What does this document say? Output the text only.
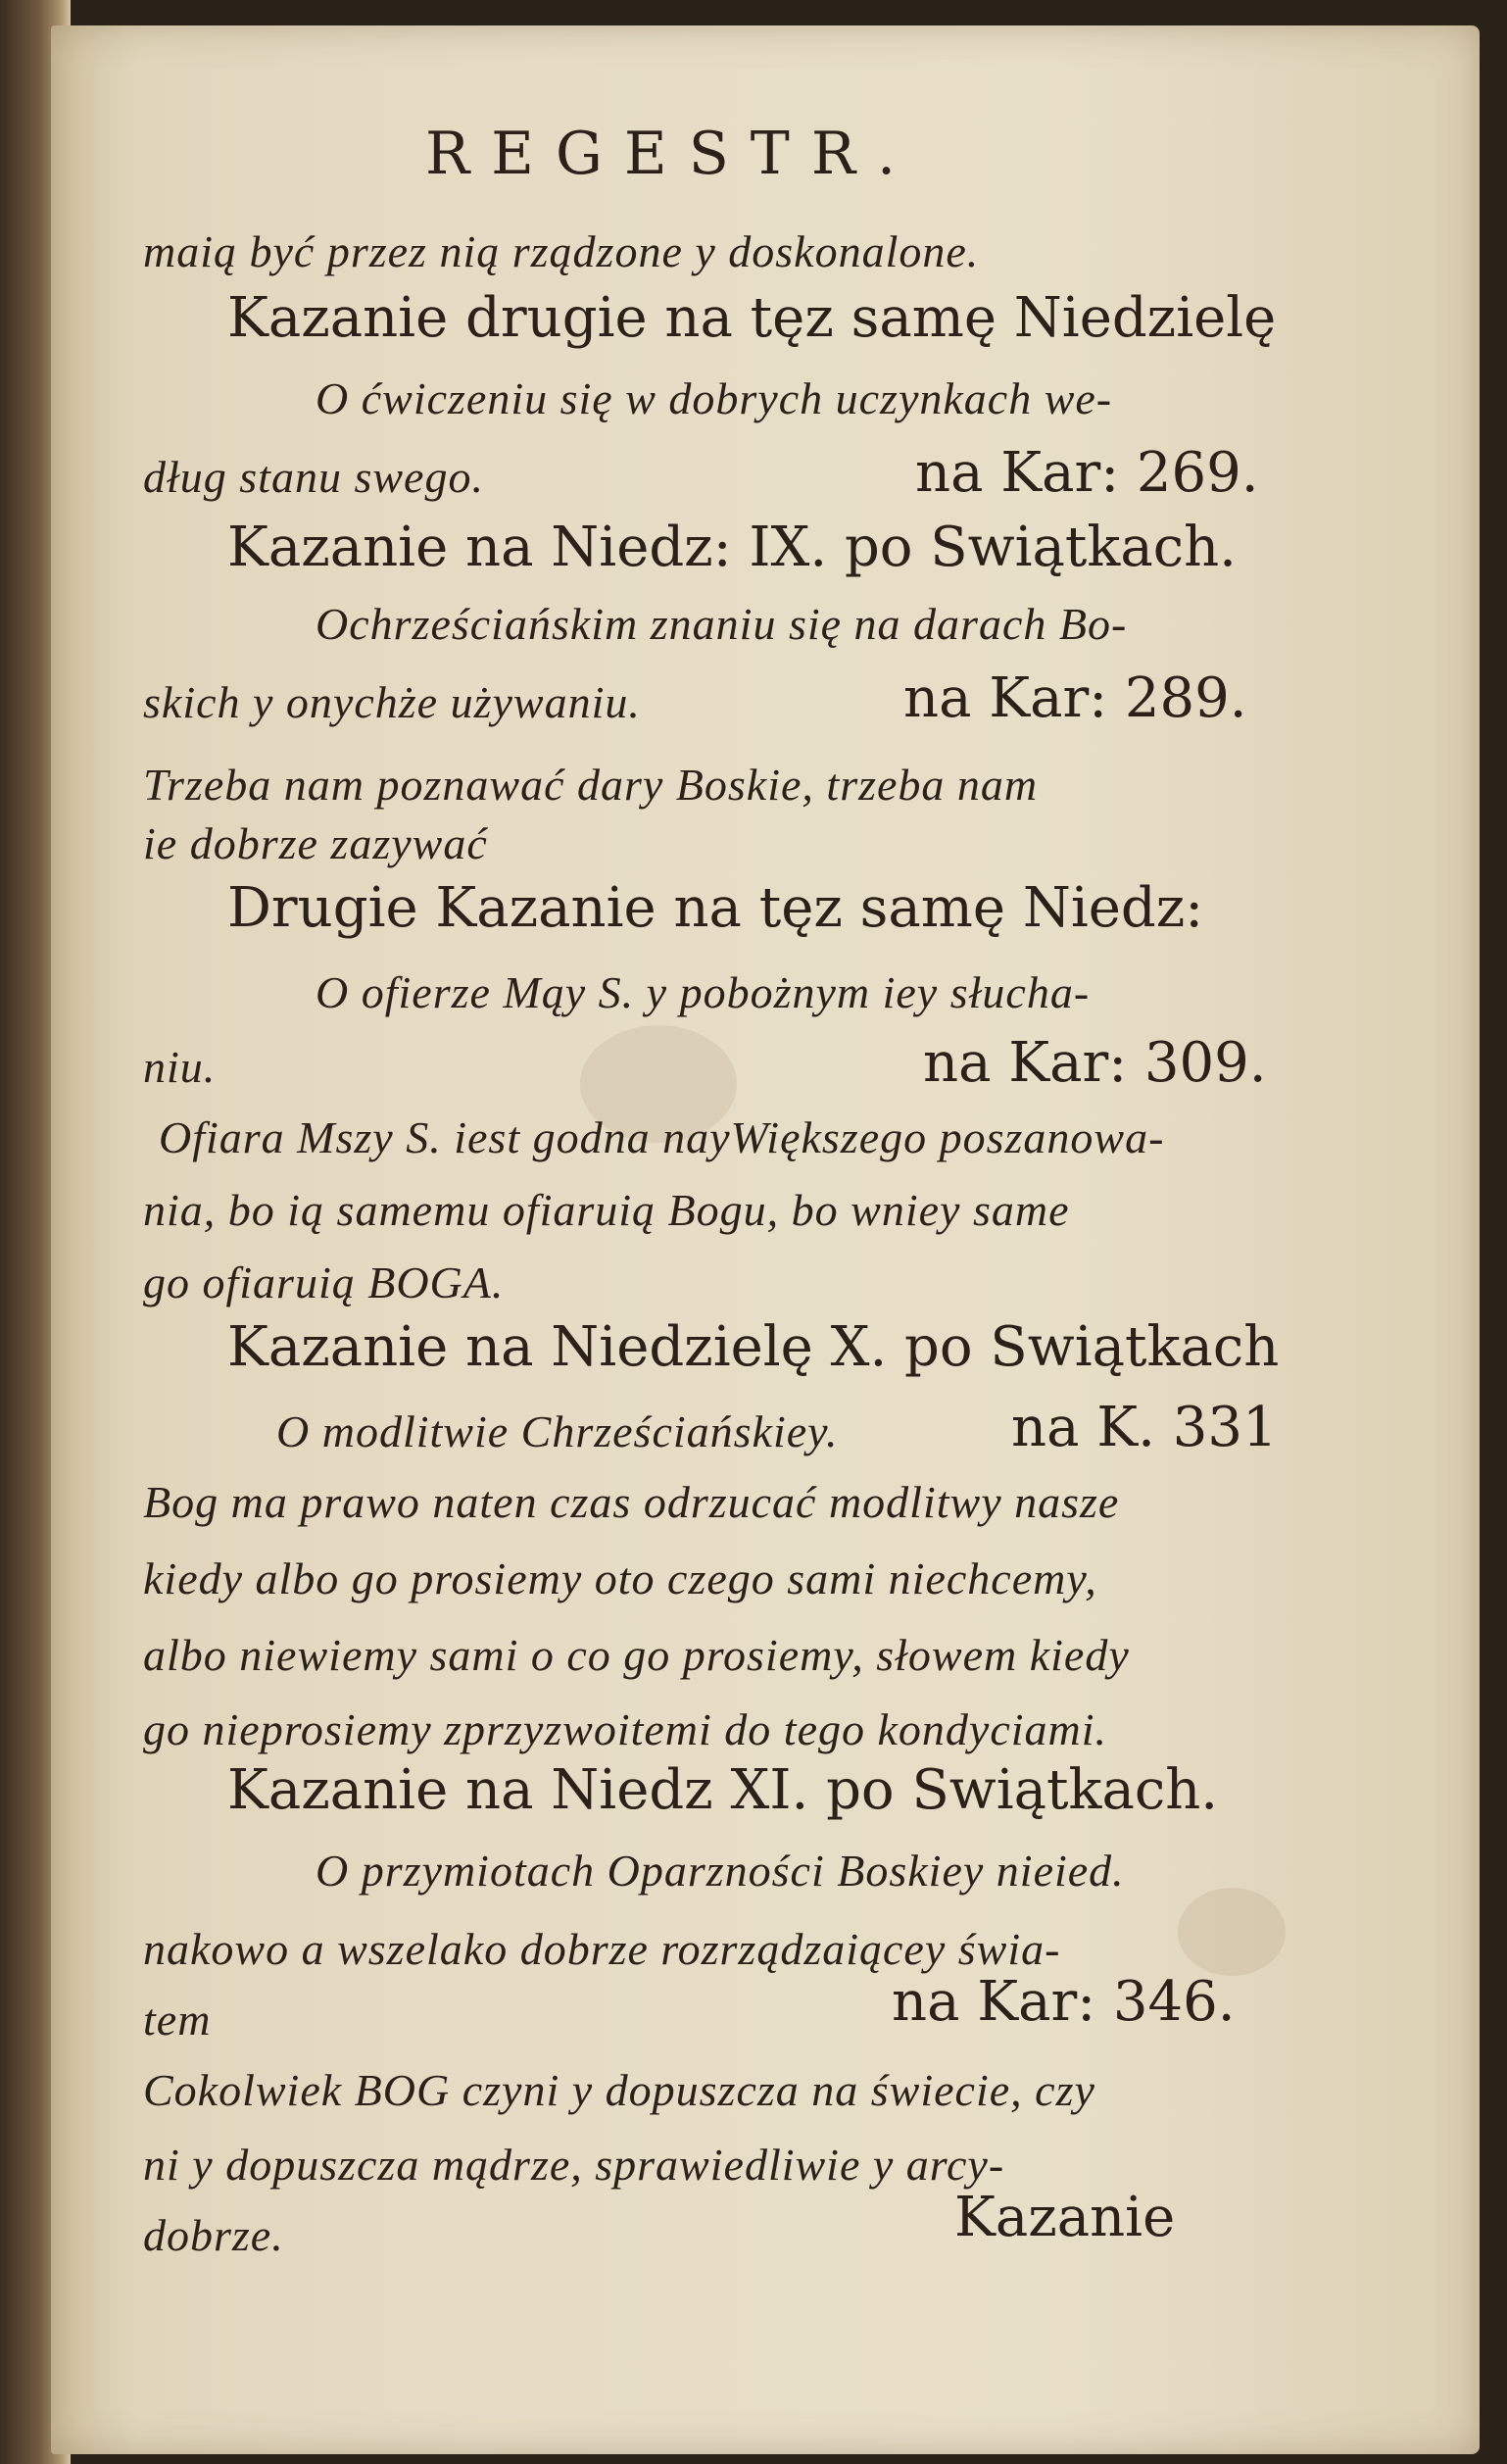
REGESTR.
maią być przez nią rządzone y doskonalone.
Kazanie drugie na tęz samę Niedzielę
O ćwiczeniu się w dobrych uczynkach we-
dług stanu swego.	na Kar: 269.
Kazanie na Niedz: IX. po Swiątkach.
Ochrześciańskim znaniu się na darach Bo-
skich y onychże używaniu.	na Kar: 289.
Trzeba nam poznawać dary Boskie, trzeba nam
ie dobrze zazywać
Drugie Kazanie na tęz samę Niedz:
O ofierze Mąy S. y pobożnym iey słucha-
niu.	na Kar: 309.
Ofiara Mszy S. iest godna nayWiększego poszanowa-
nia, bo ią samemu ofiaruią Bogu, bo wniey same
go ofiaruią BOGA.
Kazanie na Niedzielę X. po Swiątkach
O modlitwie Chrześciańskiey.	na K. 331
Bog ma prawo naten czas odrzucać modlitwy nasze
kiedy albo go prosiemy oto czego sami niechcemy,
albo niewiemy sami o co go prosiemy, słowem kiedy
go nieprosiemy zprzyzwoitemi do tego kondyciami.
Kazanie na Niedz XI. po Swiątkach.
O przymiotach Oparzności Boskiey nieied.
nakowo a wszelako dobrze rozrządzaiącey świa-
tem	na Kar: 346.
Cokolwiek BOG czyni y dopuszcza na świecie, czy
ni y dopuszcza mądrze, sprawiedliwie y arcy-
dobrze.	Kazanie
